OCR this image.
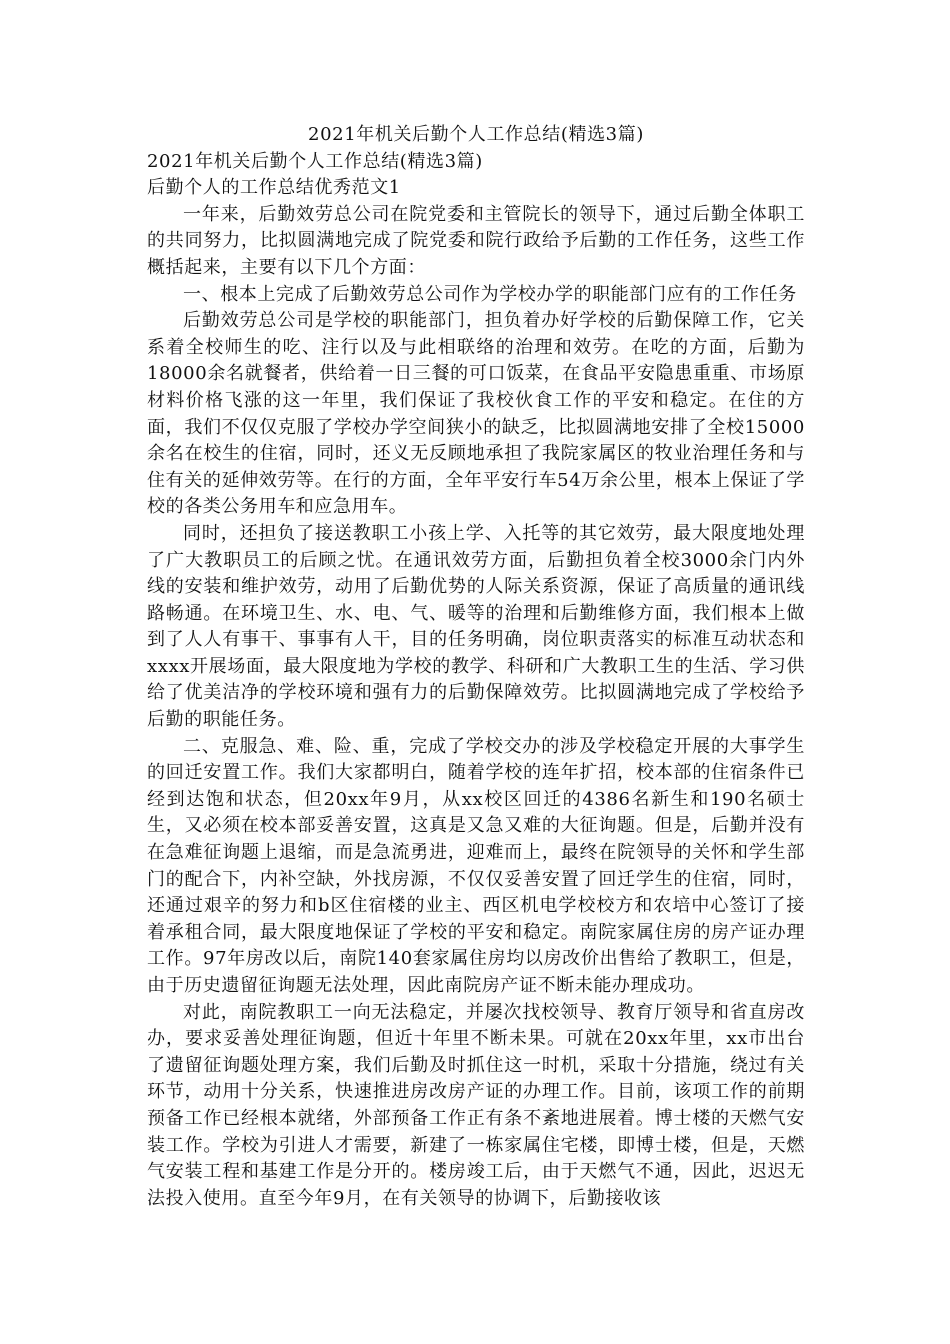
2021年机关后勤个人工作总结(精选3篇)
2021年机关后勤个人工作总结(精选3篇)
后勤个人的工作总结优秀范文1

一年来，后勤效劳总公司在院党委和主管院长的领导下，通过后勤全体职工的共同努力，比拟圆满地完成了院党委和院行政给予后勤的工作任务，这些工作概括起来，主要有以下几个方面：

一、根本上完成了后勤效劳总公司作为学校办学的职能部门应有的工作任务

后勤效劳总公司是学校的职能部门，担负着办好学校的后勤保障工作，它关系着全校师生的吃、注行以及与此相联络的治理和效劳。在吃的方面，后勤为18000余名就餐者，供给着一日三餐的可口饭菜，在食品平安隐患重重、市场原材料价格飞涨的这一年里，我们保证了我校伙食工作的平安和稳定。在住的方面，我们不仅仅克服了学校办学空间狭小的缺乏，比拟圆满地安排了全校15000余名在校生的住宿，同时，还义无反顾地承担了我院家属区的牧业治理任务和与住有关的延伸效劳等。在行的方面，全年平安行车54万余公里，根本上保证了学校的各类公务用车和应急用车。

同时，还担负了接送教职工小孩上学、入托等的其它效劳，最大限度地处理了广大教职员工的后顾之忧。在通讯效劳方面，后勤担负着全校3000余门内外线的安装和维护效劳，动用了后勤优势的人际关系资源，保证了高质量的通讯线路畅通。在环境卫生、水、电、气、暖等的治理和后勤维修方面，我们根本上做到了人人有事干、事事有人干，目的任务明确，岗位职责落实的标准互动状态和xxxx开展场面，最大限度地为学校的教学、科研和广大教职工生的生活、学习供给了优美洁净的学校环境和强有力的后勤保障效劳。比拟圆满地完成了学校给予后勤的职能任务。

二、克服急、难、险、重，完成了学校交办的涉及学校稳定开展的大事学生的回迁安置工作。我们大家都明白，随着学校的连年扩招，校本部的住宿条件已经到达饱和状态，但20xx年9月，从xx校区回迁的4386名新生和190名硕士生，又必须在校本部妥善安置，这真是又急又难的大征询题。但是，后勤并没有在急难征询题上退缩，而是急流勇进，迎难而上，最终在院领导的关怀和学生部门的配合下，内补空缺，外找房源，不仅仅妥善安置了回迁学生的住宿，同时，还通过艰辛的努力和b区住宿楼的业主、西区机电学校校方和农培中心签订了接着承租合同，最大限度地保证了学校的平安和稳定。南院家属住房的房产证办理工作。97年房改以后，南院140套家属住房均以房改价出售给了教职工，但是，由于历史遗留征询题无法处理，因此南院房产证不断未能办理成功。

对此，南院教职工一向无法稳定，并屡次找校领导、教育厅领导和省直房改办，要求妥善处理征询题，但近十年里不断未果。可就在20xx年里，xx市出台了遗留征询题处理方案，我们后勤及时抓住这一时机，采取十分措施，绕过有关环节，动用十分关系，快速推进房改房产证的办理工作。目前，该项工作的前期预备工作已经根本就绪，外部预备工作正有条不紊地进展着。博士楼的天燃气安装工作。学校为引进人才需要，新建了一栋家属住宅楼，即博士楼，但是，天燃气安装工程和基建工作是分开的。楼房竣工后，由于天燃气不通，因此，迟迟无法投入使用。直至今年9月，在有关领导的协调下，后勤接收该
